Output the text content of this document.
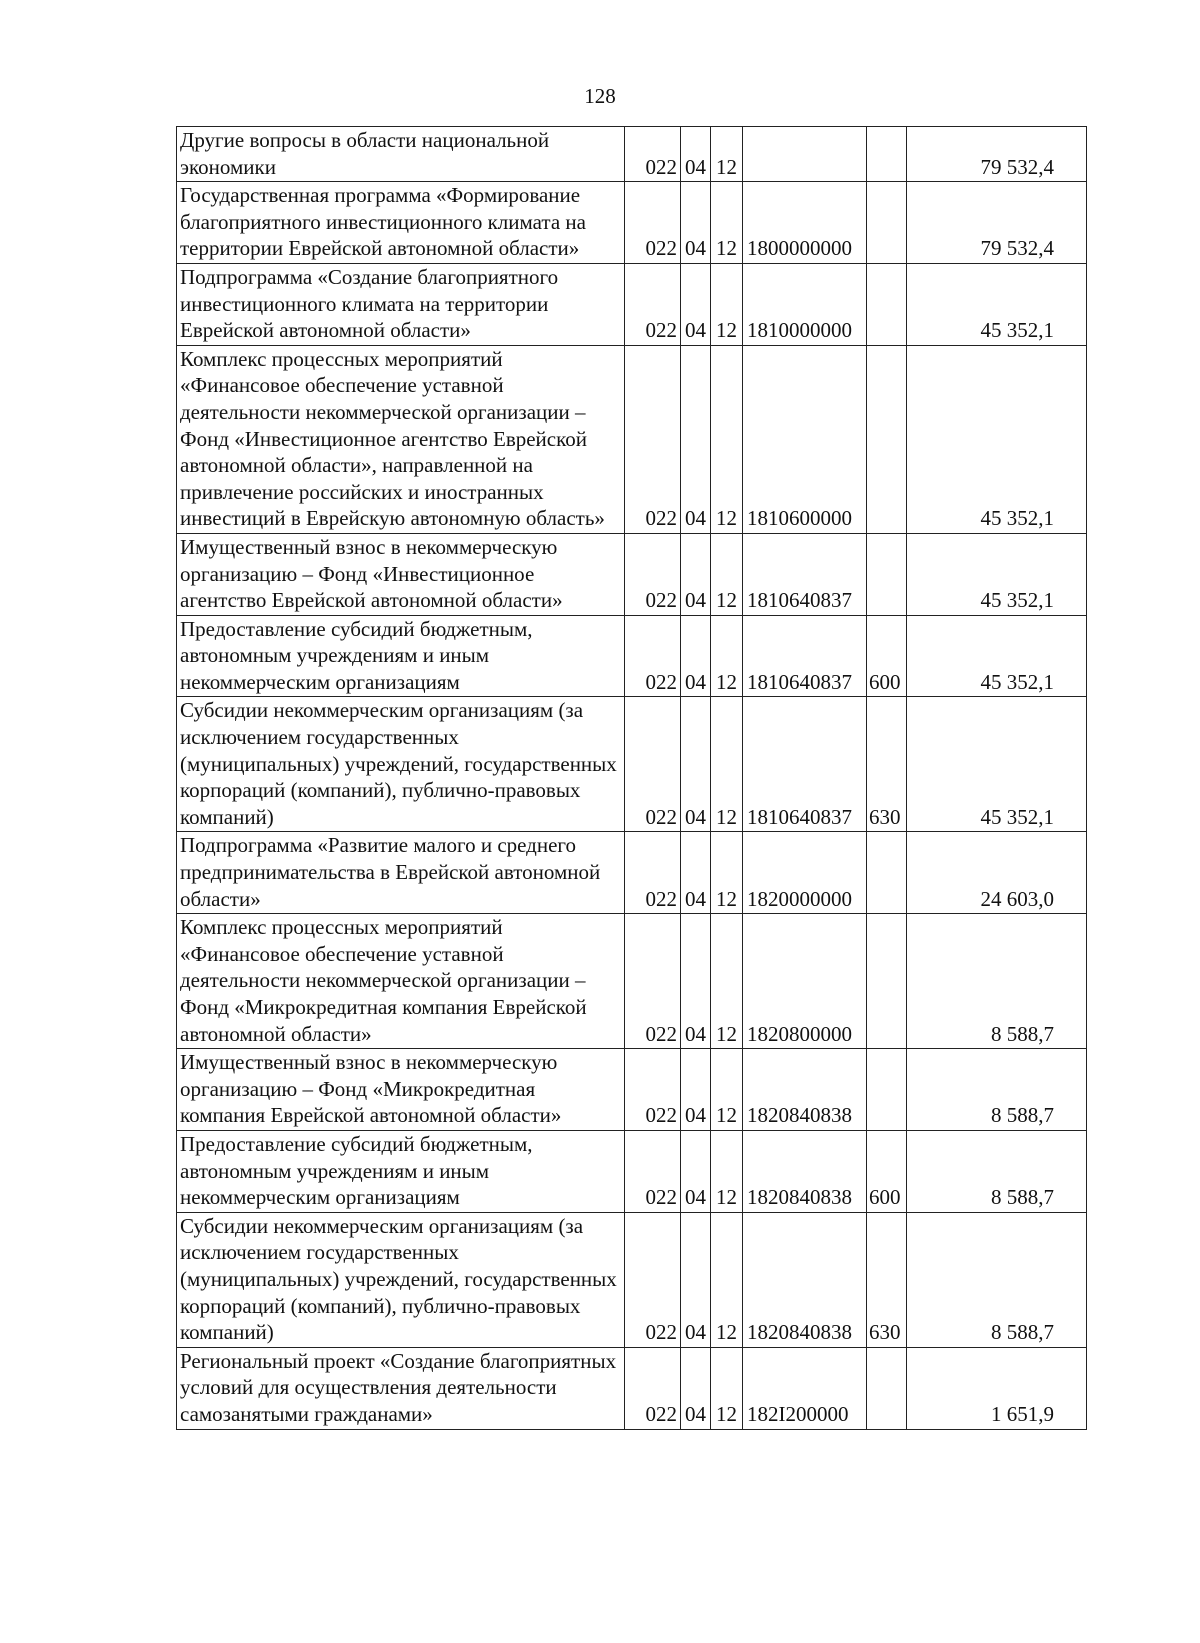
128
Другие вопросы в области национальной экономики	022	04	12			79 532,4

Государственная программа «Формирование благоприятного инвестиционного климата на территории Еврейской автономной области»	022	04	12	1800000000		79 532,4

Подпрограмма «Создание благоприятного инвестиционного климата на территории Еврейской автономной области»	022	04	12	1810000000		45 352,1

Комплекс процессных мероприятий «Финансовое обеспечение уставной деятельности некоммерческой организации – Фонд «Инвестиционное агентство Еврейской автономной области», направленной на привлечение российских и иностранных инвестиций в Еврейскую автономную область»	022	04	12	1810600000		45 352,1

Имущественный взнос в некоммерческую организацию – Фонд «Инвестиционное агентство Еврейской автономной области»	022	04	12	1810640837		45 352,1

Предоставление субсидий бюджетным, автономным учреждениям и иным некоммерческим организациям	022	04	12	1810640837	600	45 352,1

Субсидии некоммерческим организациям (за исключением государственных (муниципальных) учреждений, государственных корпораций (компаний), публично-правовых компаний)	022	04	12	1810640837	630	45 352,1

Подпрограмма «Развитие малого и среднего предпринимательства в Еврейской автономной области»	022	04	12	1820000000		24 603,0

Комплекс процессных мероприятий «Финансовое обеспечение уставной деятельности некоммерческой организации – Фонд «Микрокредитная компания Еврейской автономной области»	022	04	12	1820800000		8 588,7

Имущественный взнос в некоммерческую организацию – Фонд «Микрокредитная компания Еврейской автономной области»	022	04	12	1820840838		8 588,7

Предоставление субсидий бюджетным, автономным учреждениям и иным некоммерческим организациям	022	04	12	1820840838	600	8 588,7

Субсидии некоммерческим организациям (за исключением государственных (муниципальных) учреждений, государственных корпораций (компаний), публично-правовых компаний)	022	04	12	1820840838	630	8 588,7

Региональный проект «Создание благоприятных условий для осуществления деятельности самозанятыми гражданами»	022	04	12	182I200000		1 651,9
